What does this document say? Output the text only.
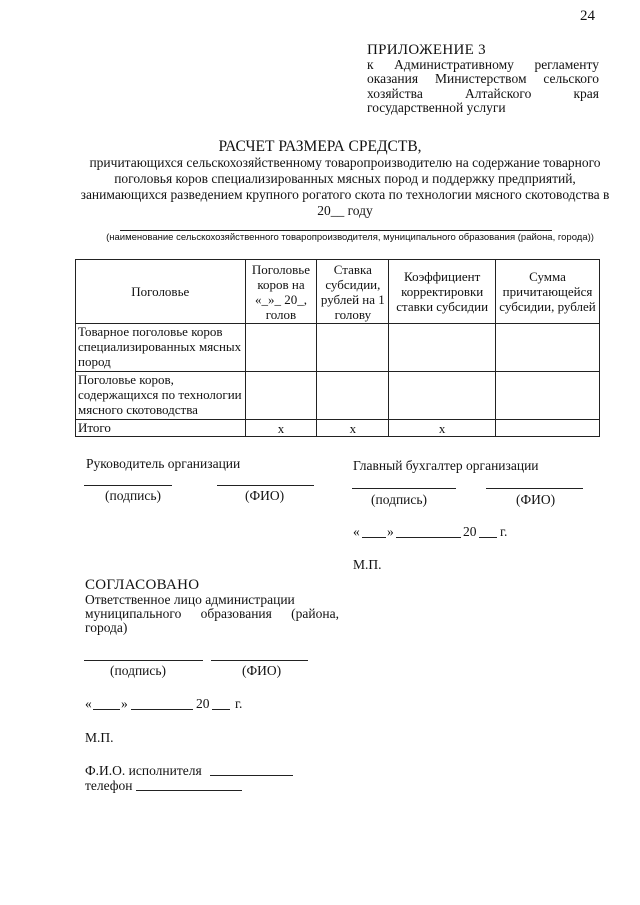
24
ПРИЛОЖЕНИЕ 3
к Административному регламенту
оказания Министерством сельского
хозяйства Алтайского края
государственной услуги
РАСЧЕТ РАЗМЕРА СРЕДСТВ,
причитающихся сельскохозяйственному товаропроизводителю на содержание товарного поголовья коров специализированных мясных пород и поддержку предприятий, занимающихся разведением крупного рогатого скота по технологии мясного скотоводства в 20__ году
(наименование сельскохозяйственного товаропроизводителя, муниципального образования (района, города))
Поголовье	Поголовье коров на «_»_ 20_, голов	Ставка субсидии, рублей на 1 голову	Коэффициент корректировки ставки субсидии	Сумма причитающейся субсидии, рублей
Товарное поголовье коров специализированных мясных пород				
Поголовье коров, содержащихся по технологии мясного скотоводства				
Итого	х	х	х	
Руководитель организации
(подпись)	(ФИО)
Главный бухгалтер организации
(подпись)	(ФИО)
« »	20 г.
М.П.
СОГЛАСОВАНО
Ответственное лицо администрации
муниципального образования (района,
города)
(подпись)	(ФИО)
« »	20 г.
М.П.
Ф.И.О. исполнителя
телефон
